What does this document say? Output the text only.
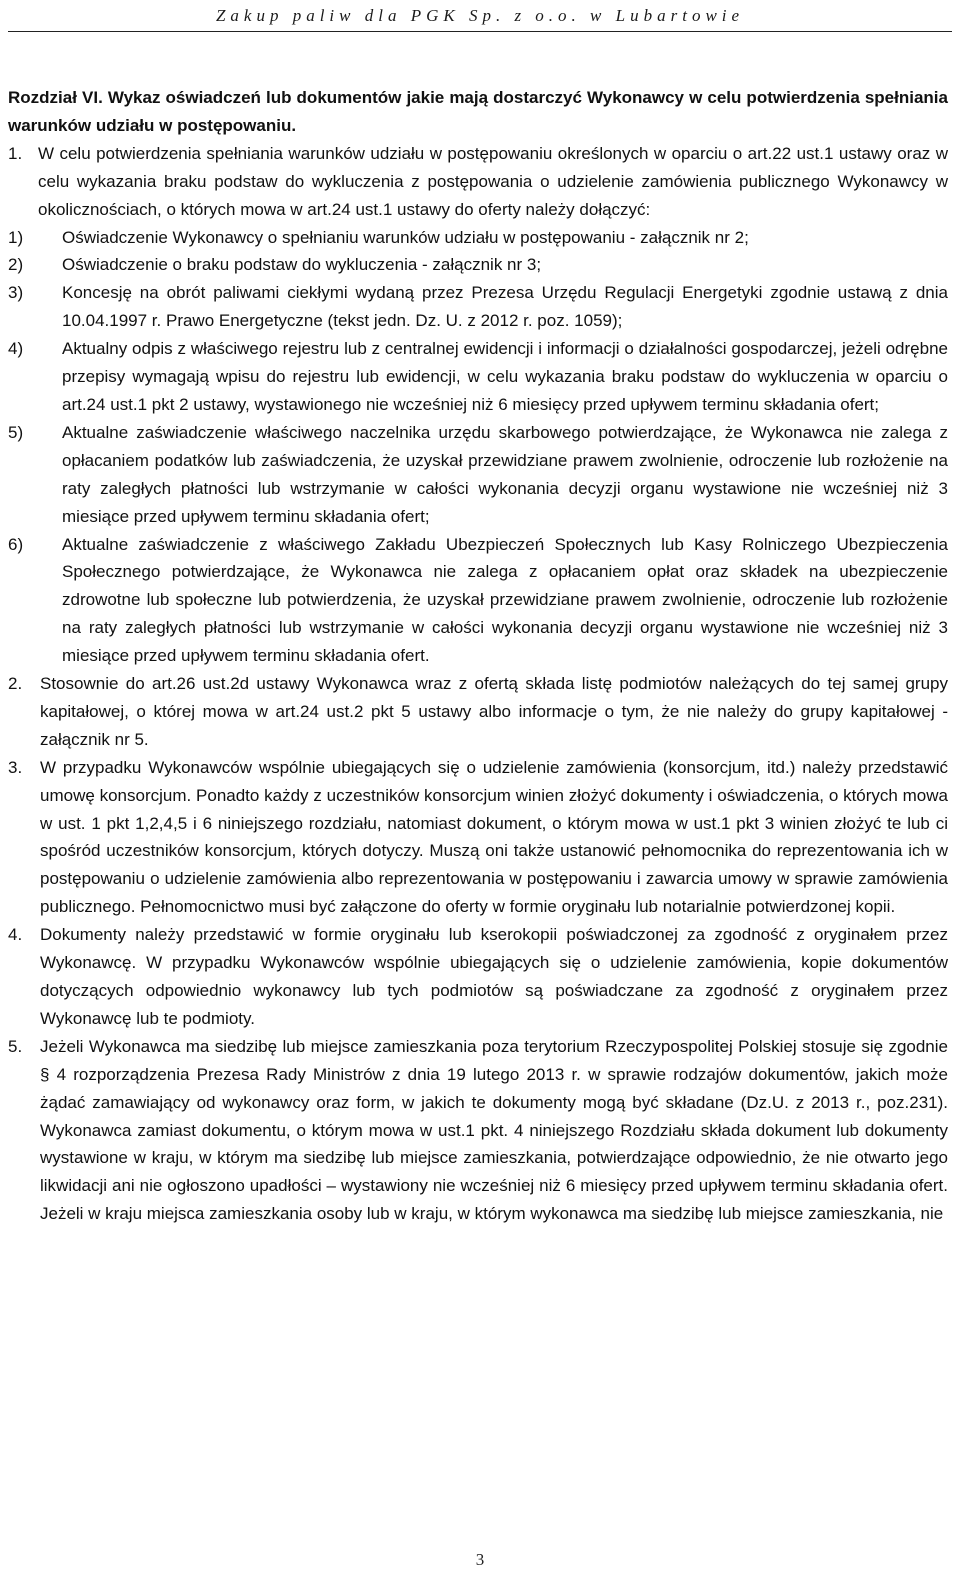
Zakup paliw dla PGK Sp. z o.o. w Lubartowie

Rozdział VI. Wykaz oświadczeń lub dokumentów jakie mają dostarczyć Wykonawcy w celu potwierdzenia spełniania warunków udziału w postępowaniu.

1. W celu potwierdzenia spełniania warunków udziału w postępowaniu określonych w oparciu o art.22 ust.1 ustawy oraz w celu wykazania braku podstaw do wykluczenia z postępowania o udzielenie zamówienia publicznego Wykonawcy w okolicznościach, o których mowa w art.24 ust.1 ustawy do oferty należy dołączyć:
1)	Oświadczenie Wykonawcy o spełnianiu warunków udziału w postępowaniu - załącznik nr 2;
2)	Oświadczenie o braku podstaw do wykluczenia - załącznik nr 3;
3)	Koncesję na obrót paliwami ciekłymi wydaną przez Prezesa Urzędu Regulacji Energetyki zgodnie ustawą z dnia 10.04.1997 r. Prawo Energetyczne (tekst jedn. Dz. U. z 2012 r. poz. 1059);
4)	Aktualny odpis z właściwego rejestru lub z centralnej ewidencji i informacji o działalności gospodarczej, jeżeli odrębne przepisy wymagają wpisu do rejestru lub ewidencji, w celu wykazania braku podstaw do wykluczenia w oparciu o art.24 ust.1 pkt 2 ustawy, wystawionego nie wcześniej niż 6 miesięcy przed upływem terminu składania ofert;
5)	Aktualne zaświadczenie właściwego naczelnika urzędu skarbowego potwierdzające, że Wykonawca nie zalega z opłacaniem podatków lub zaświadczenia, że uzyskał przewidziane prawem zwolnienie, odroczenie lub rozłożenie na raty zaległych płatności lub wstrzymanie w całości wykonania decyzji organu wystawione nie wcześniej niż 3 miesiące przed upływem terminu składania ofert;
6)	Aktualne zaświadczenie z właściwego Zakładu Ubezpieczeń Społecznych lub Kasy Rolniczego Ubezpieczenia Społecznego potwierdzające, że Wykonawca nie zalega z opłacaniem opłat oraz składek na ubezpieczenie zdrowotne lub społeczne lub potwierdzenia, że uzyskał przewidziane prawem zwolnienie, odroczenie lub rozłożenie na raty zaległych płatności lub wstrzymanie w całości wykonania decyzji organu wystawione nie wcześniej niż 3 miesiące przed upływem terminu składania ofert.
2.	Stosownie do art.26 ust.2d ustawy Wykonawca wraz z ofertą składa listę podmiotów należących do tej samej grupy kapitałowej, o której mowa w art.24 ust.2 pkt 5 ustawy albo informacje o tym, że nie należy do grupy kapitałowej - załącznik nr 5.
3.	W przypadku Wykonawców wspólnie ubiegających się o udzielenie zamówienia (konsorcjum, itd.) należy przedstawić umowę konsorcjum. Ponadto każdy z uczestników konsorcjum winien złożyć dokumenty i oświadczenia, o których mowa w ust. 1 pkt 1,2,4,5 i 6 niniejszego rozdziału, natomiast dokument, o którym mowa w ust.1 pkt 3 winien złożyć te lub ci spośród uczestników konsorcjum, których dotyczy. Muszą oni także ustanowić pełnomocnika do reprezentowania ich w postępowaniu o udzielenie zamówienia albo reprezentowania w postępowaniu i zawarcia umowy w sprawie zamówienia publicznego. Pełnomocnictwo musi być załączone do oferty w formie oryginału lub notarialnie potwierdzonej kopii.
4.	Dokumenty należy przedstawić w formie oryginału lub kserokopii poświadczonej za zgodność z oryginałem przez Wykonawcę. W przypadku Wykonawców wspólnie ubiegających się o udzielenie zamówienia, kopie dokumentów dotyczących odpowiednio wykonawcy lub tych podmiotów są poświadczane za zgodność z oryginałem przez Wykonawcę lub te podmioty.
5.	Jeżeli Wykonawca ma siedzibę lub miejsce zamieszkania poza terytorium Rzeczypospolitej Polskiej stosuje się zgodnie § 4 rozporządzenia Prezesa Rady Ministrów z dnia 19 lutego 2013 r. w sprawie rodzajów dokumentów, jakich może żądać zamawiający od wykonawcy oraz form, w jakich te dokumenty mogą być składane (Dz.U. z 2013 r., poz.231). Wykonawca zamiast dokumentu, o którym mowa w ust.1 pkt. 4 niniejszego Rozdziału składa dokument lub dokumenty wystawione w kraju, w którym ma siedzibę lub miejsce zamieszkania, potwierdzające odpowiednio, że nie otwarto jego likwidacji ani nie ogłoszono upadłości – wystawiony nie wcześniej niż 6 miesięcy przed upływem terminu składania ofert. Jeżeli w kraju miejsca zamieszkania osoby lub w kraju, w którym wykonawca ma siedzibę lub miejsce zamieszkania, nie
3
